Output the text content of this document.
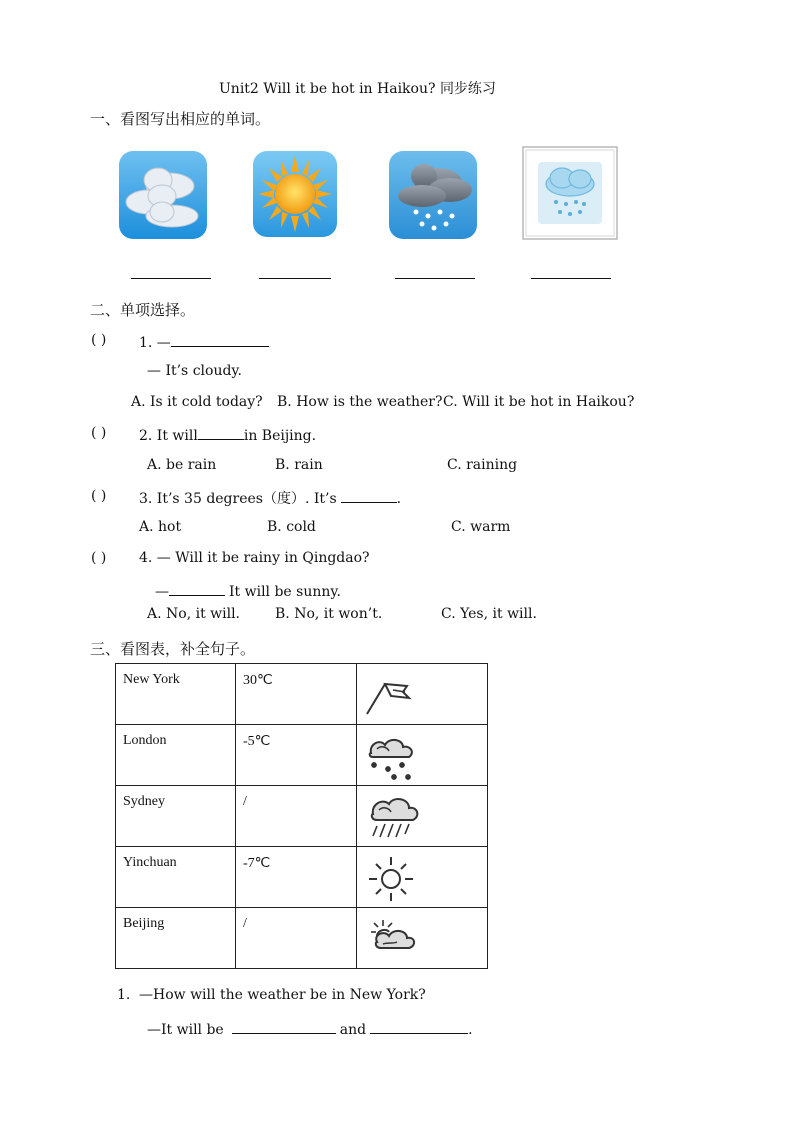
Unit2 Will it be hot in Haikou? 同步练习
一、看图写出相应的单词。
二、单项选择。
( ) 1. —
— It’s cloudy.
A. Is it cold today? B. How is the weather? C. Will it be hot in Haikou?
( ) 2. It will	in Beijing.
A. be rain	B. rain	C. raining
( ) 3. It’s 35 degrees（度）. It’s	.
A. hot	B. cold	C. warm
( ) 4. — Will it be rainy in Qingdao?
—	It will be sunny.
A. No, it will. B. No, it won’t.	C. Yes, it will.
三、看图表，补全句子。
New York	30℃	

London	-5℃	

Sydney	/	

Yinchuan	-7℃	

Beijing	/	
1. —How will the weather be in New York?
—It will be	and	.
